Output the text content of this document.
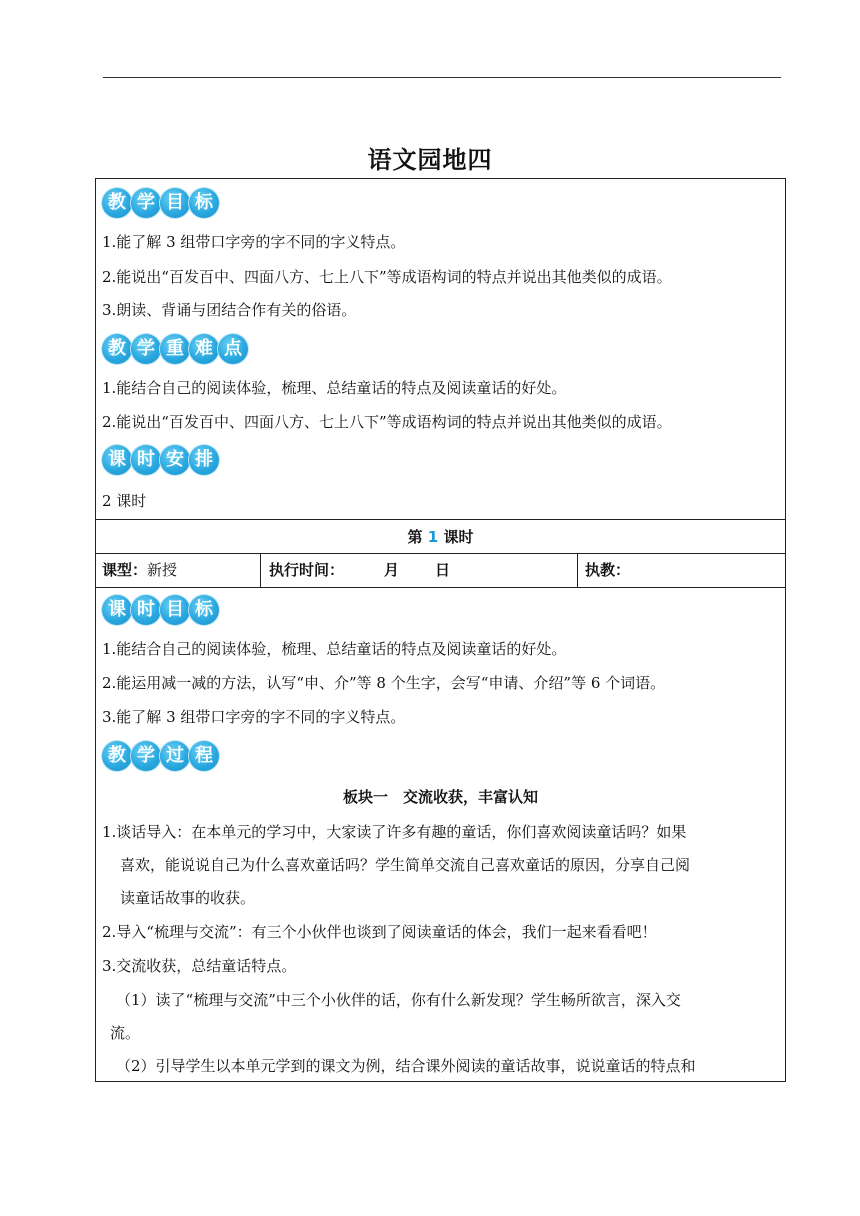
语文园地四
教 学 目 标
1.能了解 3 组带口字旁的字不同的字义特点。
2.能说出“百发百中、四面八方、七上八下”等成语构词的特点并说出其他类似的成语。
3.朗读、背诵与团结合作有关的俗语。
教 学 重 难 点
1.能结合自己的阅读体验，梳理、总结童话的特点及阅读童话的好处。
2.能说出“百发百中、四面八方、七上八下”等成语构词的特点并说出其他类似的成语。
课 时 安 排
2 课时
第 1 课时
课型：新授	执行时间：	月 日	执教：
课 时 目 标
1.能结合自己的阅读体验，梳理、总结童话的特点及阅读童话的好处。
2.能运用减一减的方法，认写“申、介”等 8 个生字，会写“申请、介绍”等 6 个词语。
3.能了解 3 组带口字旁的字不同的字义特点。
教 学 过 程
板块一　交流收获，丰富认知
1.谈话导入：在本单元的学习中，大家读了许多有趣的童话，你们喜欢阅读童话吗？如果
喜欢，能说说自己为什么喜欢童话吗？学生简单交流自己喜欢童话的原因，分享自己阅
读童话故事的收获。
2.导入“梳理与交流”：有三个小伙伴也谈到了阅读童话的体会，我们一起来看看吧！
3.交流收获，总结童话特点。
（1）读了“梳理与交流”中三个小伙伴的话，你有什么新发现？学生畅所欲言，深入交
流。
（2）引导学生以本单元学到的课文为例，结合课外阅读的童话故事，说说童话的特点和
